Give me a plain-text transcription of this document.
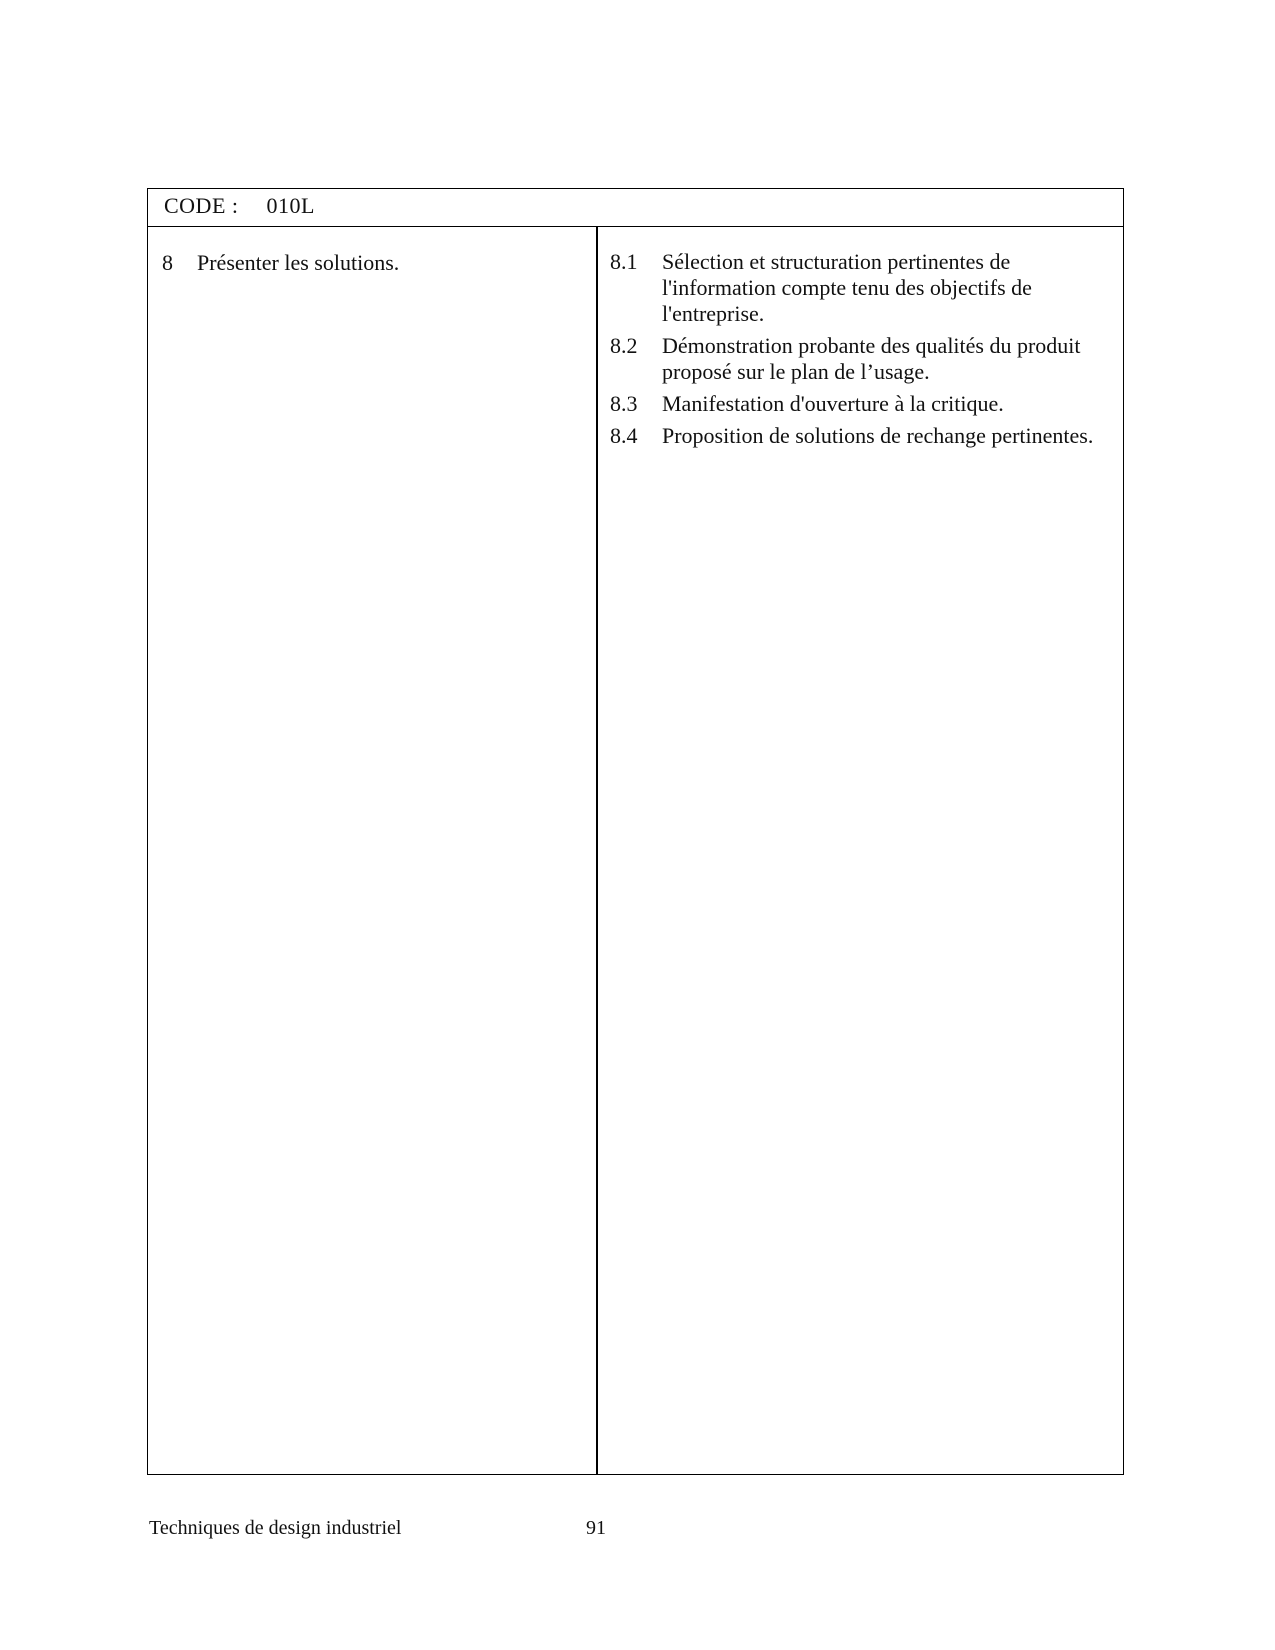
CODE : 010L
8	Présenter les solutions.	8.1	Sélection et structuration pertinentes de l'information compte tenu des objectifs de l'entreprise.
8.2	Démonstration probante des qualités du produit proposé sur le plan de l’usage.
8.3	Manifestation d'ouverture à la critique.
8.4	Proposition de solutions de rechange pertinentes.
Techniques de design industriel	91
